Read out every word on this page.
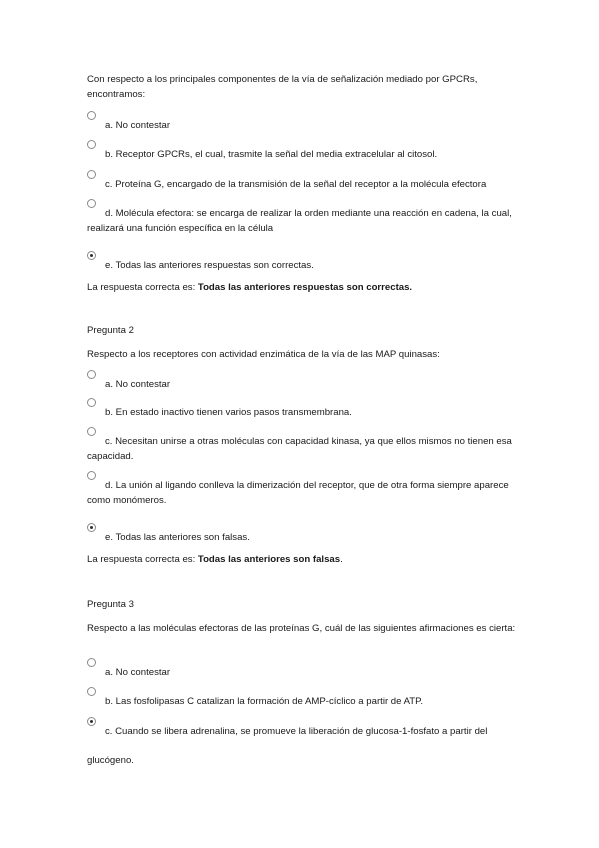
Con respecto a los principales componentes de la vía de señalización mediado por GPCRs, encontramos:

a. No contestar

b. Receptor GPCRs, el cual, trasmite la señal del media extracelular al citosol.

c. Proteína G, encargado de la transmisión de la señal del receptor a la molécula efectora

d. Molécula efectora: se encarga de realizar la orden mediante una reacción en cadena, la cual, realizará una función específica en la célula

e. Todas las anteriores respuestas son correctas.

La respuesta correcta es: Todas las anteriores respuestas son correctas.

Pregunta 2

Respecto a los receptores con actividad enzimática de la vía de las MAP quinasas:

a. No contestar

b. En estado inactivo tienen varios pasos transmembrana.

c. Necesitan unirse a otras moléculas con capacidad kinasa, ya que ellos mismos no tienen esa capacidad.

d. La unión al ligando conlleva la dimerización del receptor, que de otra forma siempre aparece como monómeros.

e. Todas las anteriores son falsas.

La respuesta correcta es: Todas las anteriores son falsas.

Pregunta 3

Respecto a las moléculas efectoras de las proteínas G, cuál de las siguientes afirmaciones es cierta:

a. No contestar

b. Las fosfolipasas C catalizan la formación de AMP-cíclico a partir de ATP.

c. Cuando se libera adrenalina, se promueve la liberación de glucosa-1-fosfato a partir del

glucógeno.
